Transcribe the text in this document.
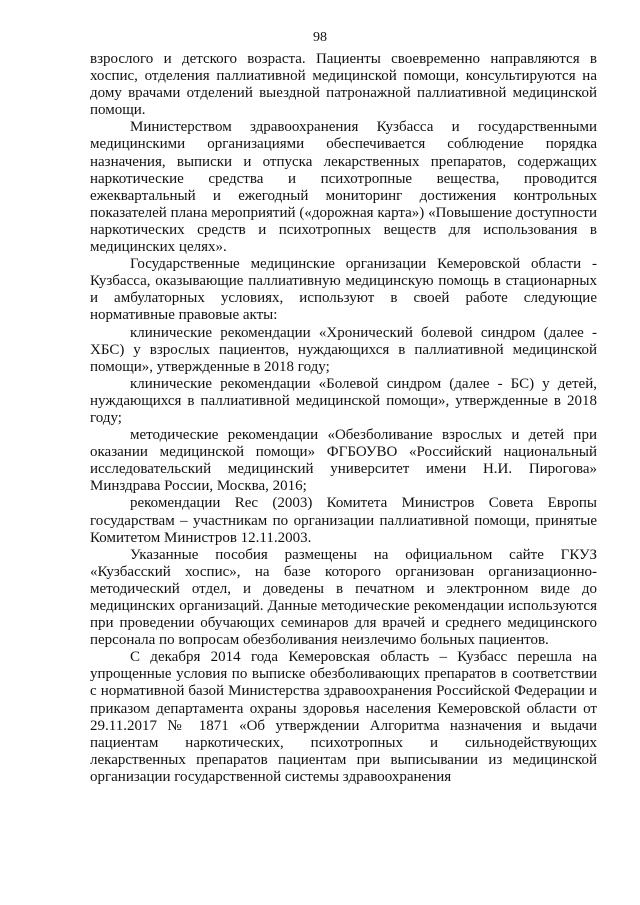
98

взрослого и детского возраста. Пациенты своевременно направляются в хоспис, отделения паллиативной медицинской помощи, консультируются на дому врачами отделений выездной патронажной паллиативной медицинской помощи.

Министерством здравоохранения Кузбасса и государственными медицинскими организациями обеспечивается соблюдение порядка назначения, выписки и отпуска лекарственных препаратов, содержащих наркотические средства и психотропные вещества, проводится ежеквартальный и ежегодный мониторинг достижения контрольных показателей плана мероприятий («дорожная карта») «Повышение доступности наркотических средств и психотропных веществ для использования в медицинских целях».

Государственные медицинские организации Кемеровской области - Кузбасса, оказывающие паллиативную медицинскую помощь в стационарных и амбулаторных условиях, используют в своей работе следующие нормативные правовые акты:

клинические рекомендации «Хронический болевой синдром (далее - ХБС) у взрослых пациентов, нуждающихся в паллиативной медицинской помощи», утвержденные в 2018 году;

клинические рекомендации «Болевой синдром (далее - БС) у детей, нуждающихся в паллиативной медицинской помощи», утвержденные в 2018 году;

методические рекомендации «Обезболивание взрослых и детей при оказании медицинской помощи» ФГБОУВО «Российский национальный исследовательский медицинский университет имени Н.И. Пирогова» Минздрава России, Москва, 2016;

рекомендации Rec (2003) Комитета Министров Совета Европы государствам – участникам по организации паллиативной помощи, принятые Комитетом Министров 12.11.2003.

Указанные пособия размещены на официальном сайте ГКУЗ «Кузбасский хоспис», на базе которого организован организационно-методический отдел, и доведены в печатном и электронном виде до медицинских организаций. Данные методические рекомендации используются при проведении обучающих семинаров для врачей и среднего медицинского персонала по вопросам обезболивания неизлечимо больных пациентов.

С декабря 2014 года Кемеровская область – Кузбасс перешла на упрощенные условия по выписке обезболивающих препаратов в соответствии с нормативной базой Министерства здравоохранения Российской Федерации и приказом департамента охраны здоровья населения Кемеровской области от 29.11.2017 № 1871 «Об утверждении Алгоритма назначения и выдачи пациентам наркотических, психотропных и сильнодействующих лекарственных препаратов пациентам при выписывании из медицинской организации государственной системы здравоохранения
